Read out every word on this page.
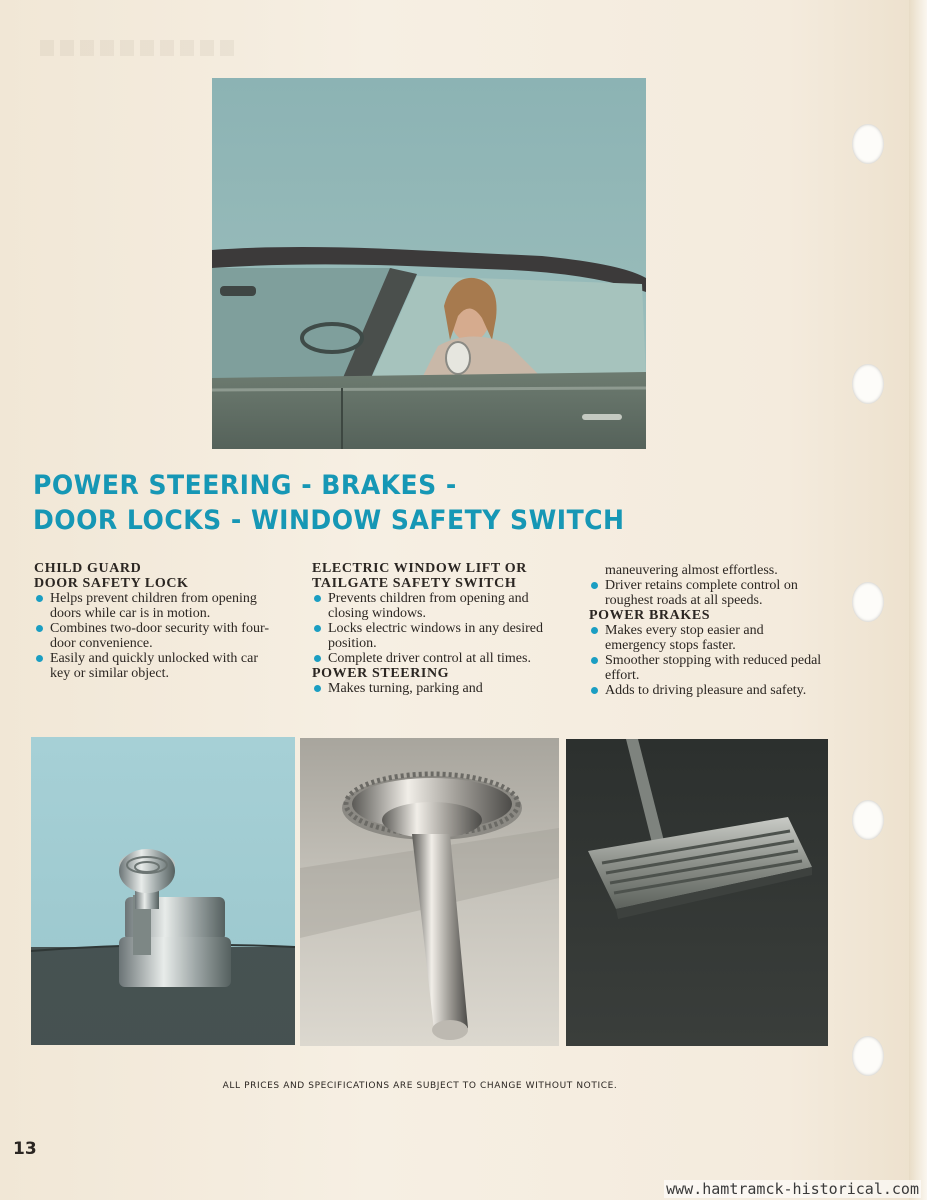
POWER STEERING - BRAKES -
DOOR LOCKS - WINDOW SAFETY SWITCH
CHILD GUARD
DOOR SAFETY LOCK
Helps prevent children from opening doors while car is in motion.
Combines two-door security with four-door convenience.
Easily and quickly unlocked with car key or similar object.
ELECTRIC WINDOW LIFT OR
TAILGATE SAFETY SWITCH
Prevents children from opening and closing windows.
Locks electric windows in any desired position.
Complete driver control at all times.
POWER STEERING
Makes turning, parking and
maneuvering almost effortless.
Driver retains complete control on roughest roads at all speeds.
POWER BRAKES
Makes every stop easier and emergency stops faster.
Smoother stopping with reduced pedal effort.
Adds to driving pleasure and safety.
ALL PRICES AND SPECIFICATIONS ARE SUBJECT TO CHANGE WITHOUT NOTICE.
13
www.hamtramck-historical.com
